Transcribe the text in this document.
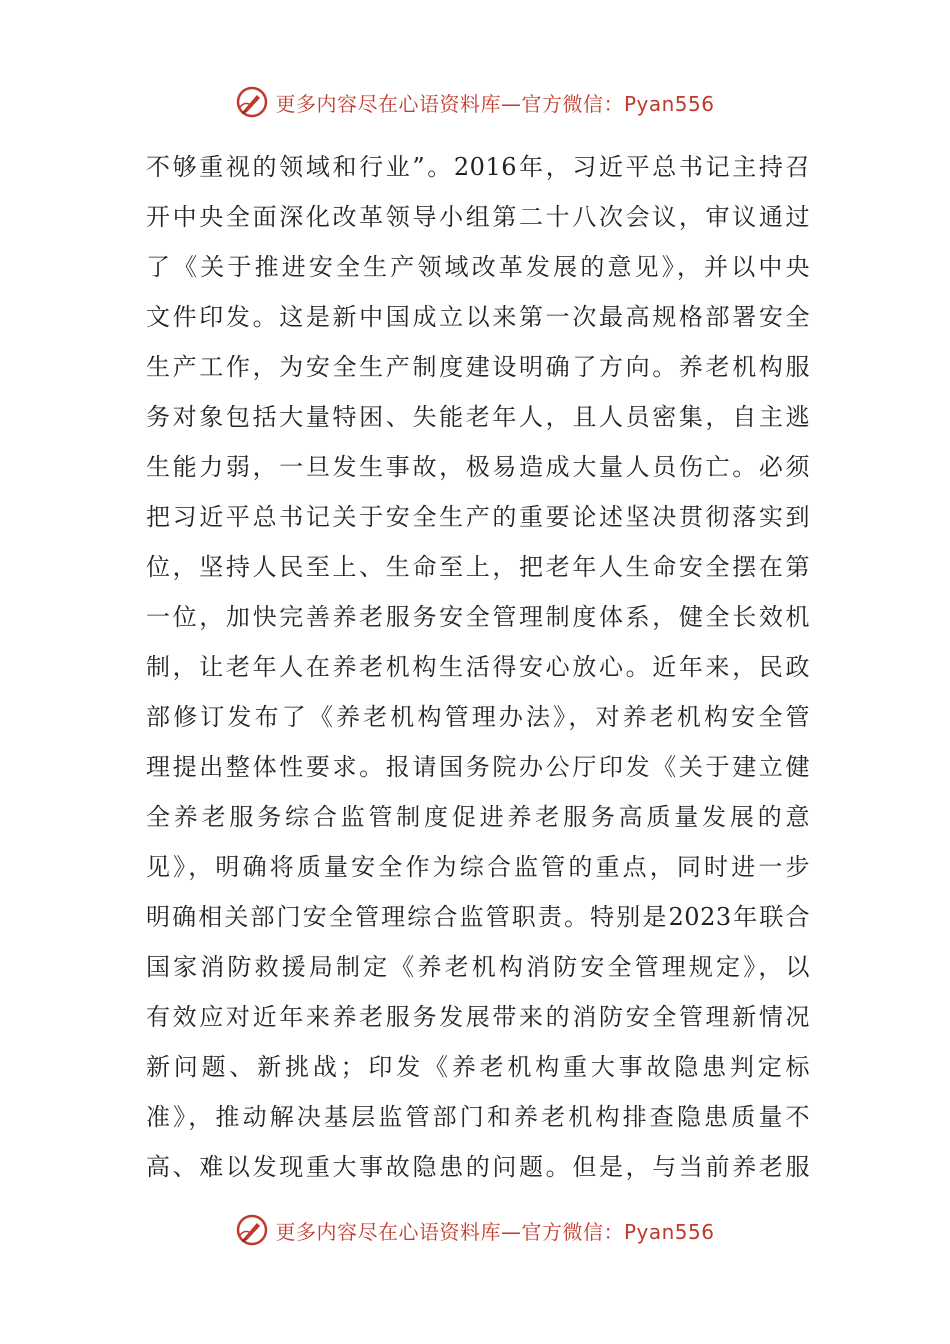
更多内容尽在心语资料库—官方微信：Pyan556
不够重视的领域和行业”。2016年，习近平总书记主持召
开中央全面深化改革领导小组第二十八次会议，审议通过
了《关于推进安全生产领域改革发展的意见》，并以中央
文件印发。这是新中国成立以来第一次最高规格部署安全
生产工作，为安全生产制度建设明确了方向。养老机构服
务对象包括大量特困、失能老年人，且人员密集，自主逃
生能力弱，一旦发生事故，极易造成大量人员伤亡。必须
把习近平总书记关于安全生产的重要论述坚决贯彻落实到
位，坚持人民至上、生命至上，把老年人生命安全摆在第
一位，加快完善养老服务安全管理制度体系，健全长效机
制，让老年人在养老机构生活得安心放心。近年来，民政
部修订发布了《养老机构管理办法》，对养老机构安全管
理提出整体性要求。报请国务院办公厅印发《关于建立健
全养老服务综合监管制度促进养老服务高质量发展的意
见》，明确将质量安全作为综合监管的重点，同时进一步
明确相关部门安全管理综合监管职责。特别是2023年联合
国家消防救援局制定《养老机构消防安全管理规定》，以
有效应对近年来养老服务发展带来的消防安全管理新情况
新问题、新挑战；印发《养老机构重大事故隐患判定标
准》，推动解决基层监管部门和养老机构排查隐患质量不
高、难以发现重大事故隐患的问题。但是，与当前养老服
更多内容尽在心语资料库—官方微信：Pyan556
